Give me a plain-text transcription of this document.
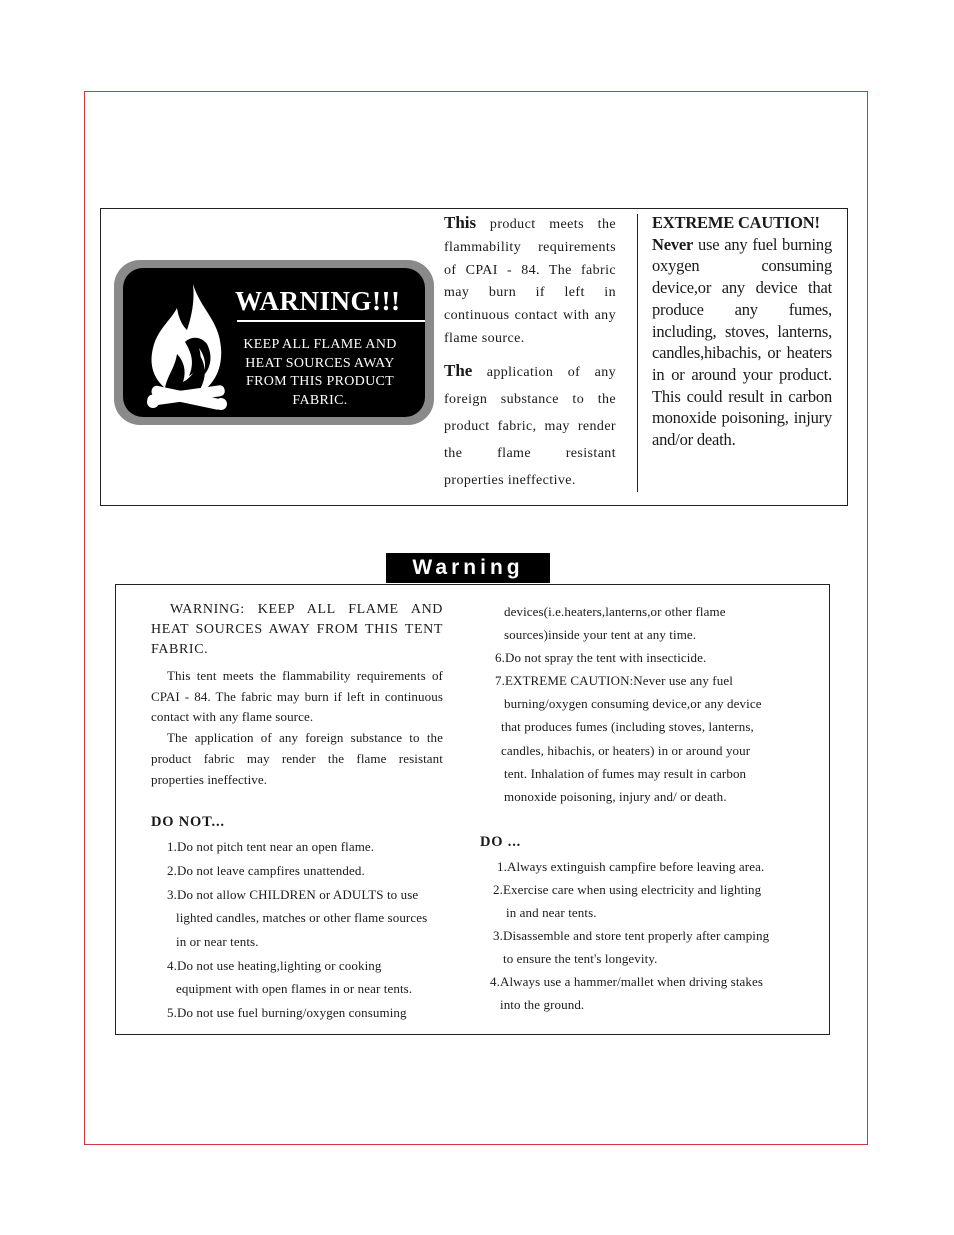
WARNING!!!
KEEP ALL FLAME AND HEAT SOURCES AWAY FROM THIS PRODUCT FABRIC.

This product meets the flammability requirements of CPAI - 84. The fabric may burn if left in continuous contact with any flame source.

The application of any foreign substance to the product fabric, may render the flame resistant properties ineffective.

EXTREME CAUTION!
Never use any fuel burning oxygen consuming device,or any device that produce any fumes, including, stoves, lanterns, candles,hibachis, or heaters in or around your product. This could result in carbon monoxide poisoning, injury and/or death.
Warning

WARNING: KEEP ALL FLAME AND HEAT SOURCES AWAY FROM THIS TENT FABRIC.

This tent meets the flammability requirements of CPAI - 84. The fabric may burn if left in continuous contact with any flame source.

The application of any foreign substance to the product fabric may render the flame resistant properties ineffective.

DO NOT...

1.Do not pitch tent near an open flame.
2.Do not leave campfires unattended.
3.Do not allow CHILDREN or ADULTS to use
lighted candles, matches or other flame sources
in or near tents.
4.Do not use heating,lighting or cooking
equipment with open flames in or near tents.
5.Do not use fuel burning/oxygen consuming
devices(i.e.heaters,lanterns,or other flame
sources)inside your tent at any time.
6.Do not spray the tent with insecticide.
7.EXTREME CAUTION:Never use any fuel
burning/oxygen consuming device,or any device
that produces fumes (including stoves, lanterns,
candles, hibachis, or heaters) in or around your
tent. Inhalation of fumes may result in carbon
monoxide poisoning, injury and/ or death.

DO ...

1.Always extinguish campfire before leaving area.
2.Exercise care when using electricity and lighting
in and near tents.
3.Disassemble and store tent properly after camping
to ensure the tent's longevity.
4.Always use a hammer/mallet when driving stakes
into the ground.
